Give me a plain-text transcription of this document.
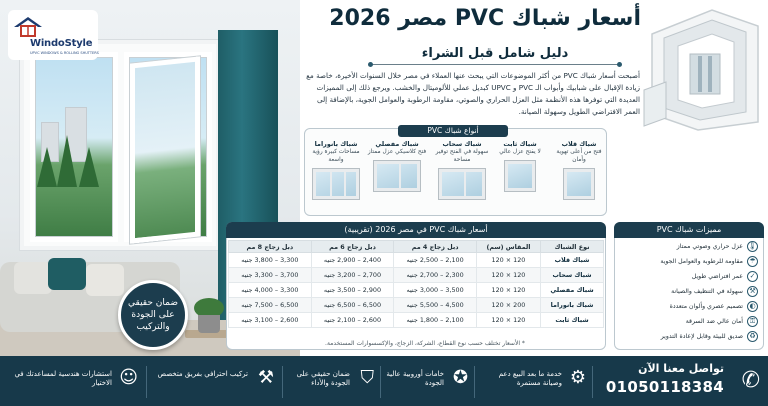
WindoStyle
UPVC WINDOWS & ROLLING SHUTTERS
ضمان حقيقي على الجودة والتركيب
أسعار شباك PVC مصر 2026
دليل شامل قبل الشراء
أصبحت أسعار شباك PVC من أكثر الموضوعات التي يبحث عنها العملاء في مصر خلال السنوات الأخيرة، خاصة مع زيادة الإقبال على شبابيك وأبواب الـ PVC و UPVC كبديل عملي للألوميتال والخشب. ويرجع ذلك إلى المميزات العديدة التي توفرها هذه الأنظمة مثل العزل الحراري والصوتي، مقاومة الرطوبة والعوامل الجوية، بالإضافة إلى العمر الافتراضي الطويل وسهولة الصيانة.
أنواع شباك PVC
شباك قلاب
فتح من أعلى تهوية وأمان
شباك ثابت
لا يفتح عزل عالي
شباك سحاب
سهولة في الفتح توفير مساحة
شباك مفصلي
فتح كلاسيكي عزل ممتاز
شباك بانوراما
مساحات كبيرة رؤية واسعة
أسعار شباك PVC في مصر 2026 (تقريبية)
نوع الشباك	المقاس (سم)	دبل زجاج 4 مم	دبل زجاج 6 مم	دبل زجاج 8 مم
شباك قلاب	120 × 120	2,100 – 2,500 جنيه	2,400 – 2,900 جنيه	3,300 – 3,800 جنيه
شباك سحاب	120 × 120	2,300 – 2,700 جنيه	2,700 – 3,200 جنيه	3,700 – 3,300 جنيه
شباك مفصلي	120 × 120	3,500 – 3,000 جنيه	2,900 – 3,500 جنيه	3,300 – 4,000 جنيه
شباك بانوراما	200 × 120	4,500 – 5,500 جنيه	6,500 – 6,500 جنيه	6,500 – 7,500 جنيه
شباك ثابت	120 × 120	2,100 – 1,800 جنيه	2,600 – 2,100 جنيه	2,600 – 3,100 جنيه
* الأسعار تختلف حسب نوع القطاع، الشركة، الزجاج، والإكسسوارات المستخدمة.
مميزات شباك PVC
🌡
عزل حراري وصوتي ممتاز
☂
مقاومة للرطوبة والعوامل الجوية
✓
عمر افتراضي طويل
⚒
سهولة في التنظيف والصيانة
◐
تصميم عصري وألوان متعددة
⚿
أمان عالي ضد السرقة
♻
صديق للبيئة وقابل لإعادة التدوير
✆
تواصل معنا الآن
01050118384
⚙
خدمة ما بعد البيع دعم وصيانة مستمرة
✪
خامات أوروبية عالية الجودة
⛉
ضمان حقيقي على الجودة والأداء
⚒
تركيب احترافي بفريق متخصص
☺
استشارات هندسية لمساعدتك في الاختيار
